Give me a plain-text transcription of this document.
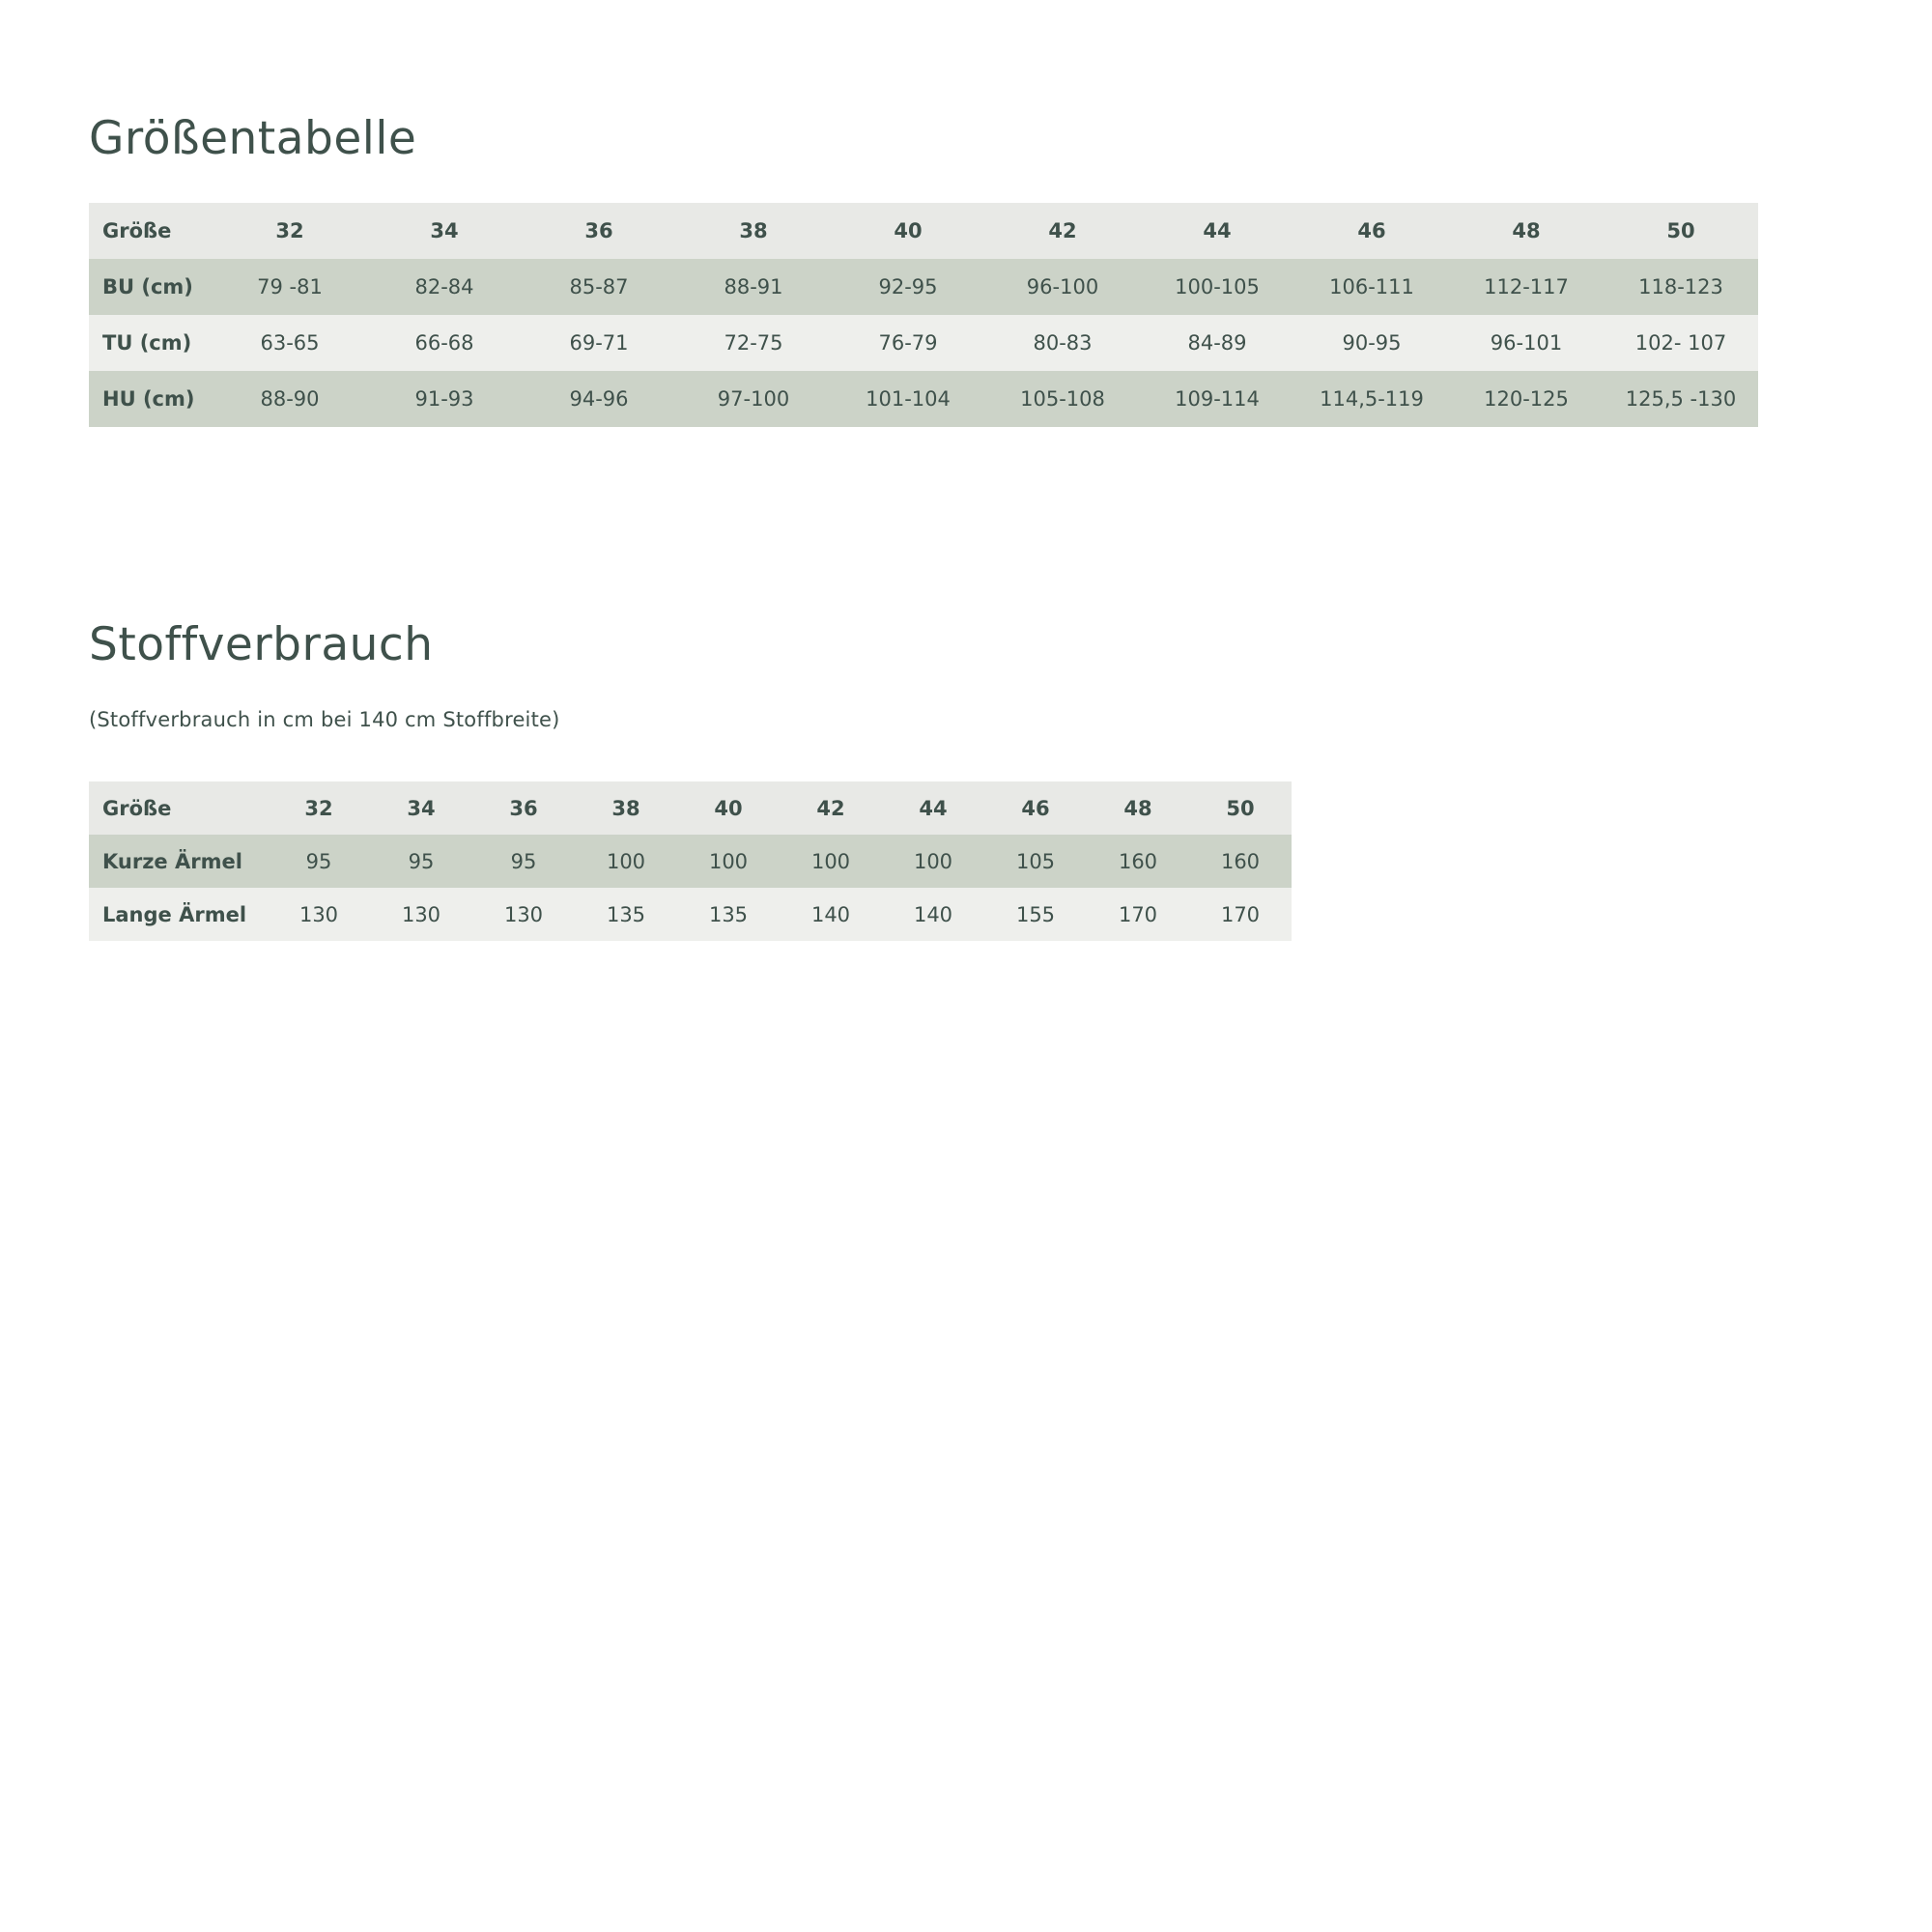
Größentabelle
Größe	32	34	36	38	40	42	44	46	48	50
BU (cm)	79 -81	82-84	85-87	88-91	92-95	96-100	100-105	106-111	112-117	118-123
TU (cm)	63-65	66-68	69-71	72-75	76-79	80-83	84-89	90-95	96-101	102- 107
HU (cm)	88-90	91-93	94-96	97-100	101-104	105-108	109-114	114,5-119	120-125	125,5 -130
Stoffverbrauch
(Stoffverbrauch in cm bei 140 cm Stoffbreite)
Größe	32	34	36	38	40	42	44	46	48	50
Kurze Ärmel	95	95	95	100	100	100	100	105	160	160
Lange Ärmel	130	130	130	135	135	140	140	155	170	170
